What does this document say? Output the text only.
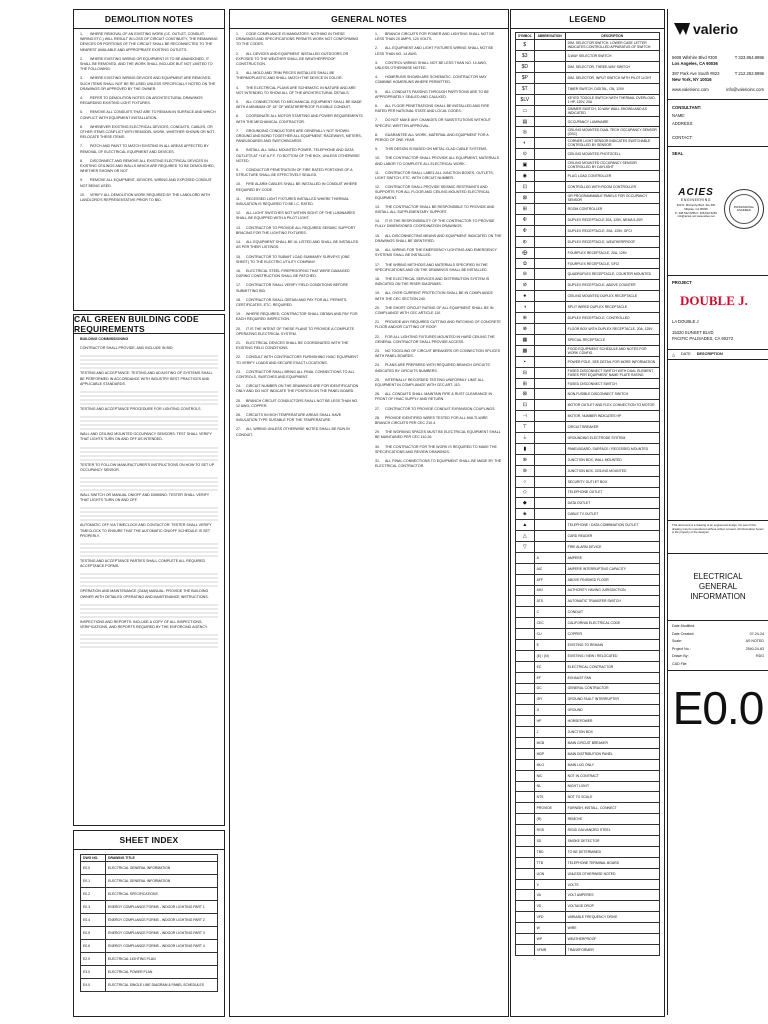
DEMOLITION NOTES

1. WHERE REMOVAL OF AN EXISTING WORK (I.E. OUTLET, CONDUIT, WIRING ETC.) WILL RESULT IN LOSS OF CIRCUIT CONTINUITY, THE REMAINING DEVICES OR PORTIONS OF THE CIRCUIT SHALL BE RECONNECTED TO THE NEAREST AVAILABLE AND APPROPRIATE EXISTING OUTLETS.

2. WHERE EXISTING WIRING OR EQUIPMENT IS TO BE ABANDONED, IT SHALL BE REMOVED, AND THE WORK SHALL INCLUDE BUT NOT LIMITED TO THE FOLLOWING:

3. WHERE EXISTING WIRING DEVICES AND EQUIPMENT ARE REMOVED, SUCH ITEMS SHALL NOT BE RE-USED UNLESS SPECIFICALLY NOTED ON THE DRAWINGS OR APPROVED BY THE OWNER.

4. REFER TO DEMOLITION NOTES ON ARCHITECTURAL DRAWINGS REGARDING EXISTING LIGHT FIXTURES.

5. REMOVE ALL CONDUITS THAT ARE TO REMAIN IN SURFACE AND WHICH CONFLICT WITH EQUIPMENT INSTALLATION.

6. WHENEVER EXISTING ELECTRICAL DEVICES, CONDUITS, CABLES, OR OTHER ITEMS CONFLICT WITH REMODEL WORK, WHETHER SHOWN OR NOT, RELOCATE THESE ITEMS.

7. PATCH AND PAINT TO MATCH EXISTING IN ALL AREAS AFFECTED BY REMOVAL OF ELECTRICAL EQUIPMENT AND DEVICES.

8. DISCONNECT AND REMOVE ALL EXISTING ELECTRICAL DEVICES IN EXISTING CEILINGS AND WALLS WHICH ARE REQUIRED TO BE DEMOLISHED, WHETHER SHOWN OR NOT.

9. REMOVE ALL EQUIPMENT, DEVICES, WIRING AND EXPOSED CONDUIT NOT BEING USED.

10. VERIFY ALL DEMOLITION WORK REQUIRED BY THE LANDLORD WITH LANDLORD'S REPRESENTATIVE PRIOR TO BID.

CAL GREEN BUILDING CODE REQUIREMENTS

BUILDING COMMISSIONING

CONTRACTOR SHALL PROVIDE, AND INCLUDE IN BID:

TESTING AND ACCEPTANCE: TESTING AND ADJUSTING OF SYSTEMS SHALL BE PERFORMED IN ACCORDANCE WITH INDUSTRY BEST PRACTICES AND APPLICABLE STANDARDS.

TESTING AND ACCEPTANCE PROCEDURE FOR LIGHTING CONTROLS

WALL AND CEILING MOUNTED OCCUPANCY SENSORS: TEST SHALL VERIFY THAT LIGHTS TURN ON AND OFF AS INTENDED.

TESTER TO FOLLOW MANUFACTURER'S INSTRUCTIONS ON HOW TO SET UP OCCUPANCY SENSOR.

WALL SWITCH OR MANUAL ON/OFF AND DIMMING: TESTER SHALL VERIFY THAT LIGHTS TURN ON AND OFF.

AUTOMATIC OFF VIA TIMECLOCK AND CONTACTOR: TESTER SHALL VERIFY TIMECLOCK TO ENSURE THAT THE AUTOMATIC ON/OFF SCHEDULE IS SET PROPERLY.

TESTING AND ACCEPTANCE PARTIES SHALL COMPLETE ALL REQUIRED ACCEPTANCE FORMS.

OPERATION AND MAINTENANCE (O&M) MANUAL: PROVIDE THE BUILDING OWNER WITH DETAILED OPERATING AND MAINTENANCE INSTRUCTIONS.

INSPECTIONS AND REPORTS: INCLUDE A COPY OF ALL INSPECTIONS, VERIFICATIONS, AND REPORTS REQUIRED BY THE ENFORCING AGENCY.

SHEET INDEX
DWG NO.	DRAWING TITLE
E0.0	ELECTRICAL GENERAL INFORMATION
E0.1	ELECTRICAL GENERAL INFORMATION
E0.2	ELECTRICAL SPECIFICATIONS
E0.3	ENERGY COMPLIANCE FORMS - INDOOR LIGHTING PART 1
E0.4	ENERGY COMPLIANCE FORMS - INDOOR LIGHTING PART 2
E0.5	ENERGY COMPLIANCE FORMS - INDOOR LIGHTING PART 3
E0.6	ENERGY COMPLIANCE FORMS - INDOOR LIGHTING PART 4
E2.0	ELECTRICAL LIGHTING PLAN
E3.0	ELECTRICAL POWER PLAN
E4.0	ELECTRICAL SINGLE LINE DIAGRAM & PANEL SCHEDULES
GENERAL NOTES

1. CODE COMPLIANCE IS MANDATORY. NOTHING IN THESE DRAWINGS AND SPECIFICATIONS PERMITS WORK NOT CONFORMING TO THE CODES.

2. ALL DEVICES AND EQUIPMENT INSTALLED OUTDOORS OR EXPOSED TO THE WEATHER SHALL BE WEATHERPROOF CONSTRUCTION.

3. ALL MOLD AND TRIM PIECES INSTALLED SHALL BE THERMOPLASTIC AND SHALL MATCH THE DEVICE IN COLOR.

4. THE ELECTRICAL PLANS ARE SCHEMATIC IN NATURE AND ARE NOT INTENDED TO SHOW ALL OF THE ARCHITECTURAL DETAILS.

5. ALL CONNECTIONS TO MECHANICAL EQUIPMENT SHALL BE MADE WITH A MINIMUM OF 18" OF WEATHERPROOF FLEXIBLE CONDUIT.

6. COORDINATE ALL MOTOR STARTING AND POWER REQUIREMENTS WITH THE MECHANICAL CONTRACTOR.

7. GROUNDING CONDUCTORS ARE GENERALLY NOT SHOWN. GROUND AND BOND TOGETHER ALL EQUIPMENT, RACEWAYS, METERS, PANELBOARDS AND SWITCHBOARDS.

8. INSTALL ALL WALL MOUNTED POWER, TELEPHONE AND DATA OUTLETS AT +18" A.F.F. TO BOTTOM OF THE BOX, UNLESS OTHERWISE NOTED.

9. CONDUCTOR PENETRATION OF FIRE RATED PORTIONS OF A STRUCTURE SHALL BE EFFECTIVELY SEALED.

10. FIRE ALARM CABLES SHALL BE INSTALLED IN CONDUIT WHERE REQUIRED BY CODE.

11. RECESSED LIGHT FIXTURES INSTALLED WHERE THERMAL INSULATION IS REQUIRED TO BE I.C. RATED.

12. ALL LIGHT SWITCHES NOT WITHIN SIGHT OF THE LUMINAIRES SHALL BE EQUIPPED WITH A PILOT LIGHT.

13. CONTRACTOR TO PROVIDE ALL REQUIRED SEISMIC SUPPORT BRACING FOR THE LIGHTING FIXTURES.

14. ALL EQUIPMENT SHALL BE UL LISTED AND SHALL BE INSTALLED AS PER THEIR LISTINGS.

15. CONTRACTOR TO SUBMIT LOAD SUMMARY SURVEYS (ONE SHEET) TO THE ELECTRIC UTILITY COMPANY.

16. ELECTRICAL STEEL FIREPROOFING THAT WERE DAMAGED DURING CONSTRUCTION SHALL BE PATCHED.

17. CONTRACTOR SHALL VERIFY FIELD CONDITIONS BEFORE SUBMITTING BID.

18. CONTRACTOR SHALL OBTAIN AND PAY FOR ALL PERMITS, CERTIFICATES, ETC. REQUIRED.

19. WHERE REQUIRED, CONTRACTOR SHALL OBTAIN AND PAY FOR EACH REQUIRED INSPECTION.

20. IT IS THE INTENT OF THESE PLANS TO PROVIDE A COMPLETE OPERATING ELECTRICAL SYSTEM.

21. ELECTRICAL DEVICES SHALL BE COORDINATED WITH THE EXISTING FIELD CONDITIONS.

22. CONSULT WITH CONTRACTORS FURNISHING HVAC EQUIPMENT TO VERIFY LOADS AND SECURE EXACT LOCATIONS.

23. CONTRACTOR SHALL BRING ALL FINAL CONNECTIONS TO ALL CONTROLS, SWITCHES AND EQUIPMENT.

24. CIRCUIT NUMBER ON THE DRAWINGS ARE FOR IDENTIFICATION ONLY AND DO NOT INDICATE THE POSITION ON THE PANEL BOARD.

25. BRANCH CIRCUIT CONDUCTORS SHALL NOT BE LESS THAN NO. 12 AWG, COPPER.

26. CIRCUITS IN HIGH TEMPERATURE AREAS SHALL HAVE INSULATION TYPE SUITABLE FOR THE TEMPERATURE.

27. ALL WIRING UNLESS OTHERWISE NOTED SHALL BE RUN IN CONDUIT.

1. BRANCH CIRCUITS FOR POWER AND LIGHTING SHALL NOT BE LESS THAN 20 AMPS, 120 VOLTS.

2. ALL EQUIPMENT AND LIGHT FIXTURES WIRING SHALL NOT BE LESS THAN NO. 14 AWG.

3. CONTROL WIRING SHALL NOT BE LESS THAN NO. 14 AWG, UNLESS OTHERWISE NOTED.

4. HOMERUNS SHOWN ARE SCHEMATIC. CONTRACTOR MAY COMBINE HOMERUNS WHERE PERMITTED.

5. ALL CONDUITS PASSING THROUGH PARTITIONS ARE TO BE APPROPRIATELY SEALED AND CAULKED.

6. ALL FLOOR PENETRATIONS SHALL BE INSTALLED AND FIRE RATED PER NATIONAL STATE AND LOCAL CODES.

7. DO NOT MAKE ANY CHANGES OR SUBSTITUTIONS WITHOUT SPECIFIC WRITTEN APPROVAL.

8. GUARANTEE ALL WORK, MATERIAL AND EQUIPMENT FOR A PERIOD OF ONE YEAR.

9. THIS DESIGN IS BASED ON METAL-CLAD CABLE SYSTEMS.

10. THE CONTRACTOR SHALL PROVIDE ALL EQUIPMENT, MATERIALS AND LABOR TO COMPLETE ALL ELECTRICAL WORK.

11. CONTRACTOR SHALL LABEL ALL JUNCTION BOXES, OUTLETS, LIGHT SWITCH, ETC. WITH CIRCUIT NUMBER.

12. CONTRACTOR SHALL PROVIDE SEISMIC RESTRAINTS AND SUPPORTS FOR ALL FLOOR AND CEILING MOUNTED ELECTRICAL EQUIPMENT.

13. THE CONTRACTOR SHALL BE RESPONSIBLE TO PROVIDE AND INSTALL ALL SUPPLEMENTARY SUPPORT.

14. IT IS THE RESPONSIBILITY OF THE CONTRACTOR TO PROVIDE FULLY DIMENSIONED COORDINATION DRAWINGS.

15. ALL DISCONNECTING MEANS AND EQUIPMENT INDICATED ON THE DRAWINGS SHALL BE IDENTIFIED.

16. ALL WIRING FOR THE EMERGENCY LIGHTING AND EMERGENCY SYSTEMS SHALL BE INSTALLED.

17. THE WIRING METHODS AND MATERIALS SPECIFIED IN THE SPECIFICATIONS AND ON THE DRAWINGS SHALL BE INSTALLED.

18. THE ELECTRICAL SERVICES AND DISTRIBUTION SYSTEM IS INDICATED ON THE RISER DIAGRAMS.

19. ALL OVER CURRENT PROTECTION SHALL BE IN COMPLIANCE WITH THE CEC SECTION 240.

20. THE SHORT CIRCUIT RATING OF ALL EQUIPMENT SHALL BE IN COMPLIANCE WITH CEC ARTICLE 110.

21. PROVIDE ANY REQUIRED CUTTING AND PATCHING OF CONCRETE FLOOR AND/OR CUTTING OF ROOF.

22. FOR ALL LIGHTING FIXTURES MOUNTED IN HARD CEILING THE GENERAL CONTRACTOR SHALL PROVIDE ACCESS.

23. NO TOGGLING OF CIRCUIT BREAKERS OR CONNECTION SPLICES WITH PANEL BOARDS.

24. PLANS ARE PREPARED WITH REQUIRED BRANCH CIRCUITS INDICATED BY CIRCUITS NUMBERS.

25. INTERNALLY RECORDED TESTING UNIFORMLY LIMIT ALL EQUIPMENT IN COMPLIANCE WITH CEC ART. 110.

26. ALL CONDUITS SHALL MAINTAIN FIRE & RUST CLEARANCE IN FRONT OF HVAC SUPPLY AND RETURN.

27. CONTRACTOR TO PROVIDE CONDUIT EXPANSION COUPLINGS.

28. PROVIDE IDENTIFIED WIRES TESTED FOR ALL MULTI-WIRE BRANCH CIRCUITS PER CEC 210.4.

29. THE WORKING SPACES MUST BE ELECTRICAL EQUIPMENT SHALL BE MAINTAINED PER CEC 110.26.

30. THE CONTRACTOR FOR THE WORK IS REQUIRED TO MAKE THE SPECIFICATIONS AND REVIEW DRAWINGS.

31. ALL FINAL CONNECTIONS TO EQUIPMENT SHALL BE MADE BY THE ELECTRICAL CONTRACTOR.

LEGEND
SYMBOL	ABBREVIATION	DESCRIPTION
$		DIM. SELECTOR SWITCH. LOWER CASE LETTER INDICATES CONTROLLED APPARATUS OF SWITCH.
$3		3-WAY SELECTOR SWITCH
$D		DIM. SELECTOR, THREE-WAY SWITCH
$P		DIM. SELECTOR, INPUT SWITCH WITH PILOT LIGHT
$T		TIMER SWITCH, DIGITAL, ON, 120V
$LV		KEYED TOGGLE SWITCH WITH THERMAL OVERLOAD, 1 HP, 120V, 20A
▭		DIMMER SWITCH, 10-WAY WALL SHOWN AND AS INDICATED
▤		OCCUPANCY LUMINAIRE
◎		CEILING MOUNTED DUAL TECH OCCUPANCY SENSOR (OSC)
◐		CORNER LIGHT SENSOR INDICATES SWITCHABLE CONTROLLED BY SENSOR
⊙		CEILING MOUNTED PHOTOCELL
▣		CEILING MOUNTED OCCUPANCY SENSOR CONTROLLED BY DAYLIGHT
◉		PLUG LOAD CONTROLLER
⊡		CONTROLLED WITH ROOM CONTROLLER
⊠		OR PROGRAMMABLE PANELS FOR OCCUPANCY SENSOR
⊞		ROOM CONTROLLER
Ф		DUPLEX RECEPTACLE 20A, 125V, NEMA 5-20R
Ф		DUPLEX RECEPTACLE, 20A, 125V, GFCI
⦶		DUPLEX RECEPTACLE, WEATHERPROOF
⨁		FOURPLEX RECEPTACLE, 20A, 125V
⦷		FOURPLEX RECEPTACLE, GFCI
⊖		QUADRUPLEX RECEPTACLE, COUNTER MOUNTED
⊘		DUPLEX RECEPTACLE, ABOVE COUNTER
●		CEILING MOUNTED DUPLEX RECEPTACLE
◑		SPLIT WIRED DUPLEX RECEPTACLE
⊕		DUPLEX RECEPTACLE, CONTROLLED
⊗		FLOOR BOX WITH DUPLEX RECEPTACLE, 20A, 125V
▦		SPECIAL RECEPTACLE
▩		FOOD EQUIPMENT SCHEDULE AND NOTES FOR WORK CONFIG.
▪		POWER POLE, SEE DETAIL FOR MORE INFORMATION
⊟		FUSED DISCONNECT SWITCH WITH DUAL ELEMENT FUSES PER EQUIPMENT NAME PLATE RATING
⊞		FUSED DISCONNECT SWITCH
⊠		NON-FUSIBLE DISCONNECT SWITCH
⊡		MOTOR OUTLET AND FLEX CONNECTION TO MOTOR
⊣		MOTOR, NUMBER INDICATES HP
⊤		CIRCUIT BREAKER
⏚		GROUNDING ELECTRODE SYSTEM
▮		PANELBOARD, SURFACE / RECESSED MOUNTED
⊛		JUNCTION BOX, WALL MOUNTED
⊚		JUNCTION BOX, CEILING MOUNTED
○		SECURITY OUTLET BOX
◇		TELEPHONE OUTLET
◆		DATA OUTLET
◈		CABLE TV OUTLET
▲		TELEPHONE / DATA COMBINATION OUTLET
△		CARD READER
▽		FIRE ALARM DEVICE
	A	AMPERE
	AIC	AMPERE INTERRUPTING CAPACITY
	AFF	ABOVE FINISHED FLOOR
	AHJ	AUTHORITY HAVING JURISDICTION
	ATS	AUTOMATIC TRANSFER SWITCH
	C	CONDUIT
	CEC	CALIFORNIA ELECTRICAL CODE
	CU	COPPER
	E	EXISTING TO REMAIN
	(E) / (N)	EXISTING / NEW / RELOCATED
	EC	ELECTRICAL CONTRACTOR
	EF	EXHAUST FAN
	GC	GENERAL CONTRACTOR
	GFI	GROUND FAULT INTERRUPTER
	G	GROUND
	HP	HORSEPOWER
	J	JUNCTION BOX
	MCB	MAIN CIRCUIT BREAKER
	MDP	MAIN DISTRIBUTION PANEL
	MLO	MAIN LUG ONLY
	NIC	NOT IN CONTRACT
	NL	NIGHT LIGHT
	NTS	NOT TO SCALE
	PROVIDE	FURNISH, INSTALL, CONNECT
	(R)	REMOVE
	RGS	RIGID GALVANIZED STEEL
	SD	SMOKE DETECTOR
	TBD	TO BE DETERMINED
	TTB	TELEPHONE TERMINAL BOARD
	UON	UNLESS OTHERWISE NOTED
	V	VOLTS
	VA	VOLT AMPERES
	VD	VOLTAGE DROP
	VFD	VARIABLE FREQUENCY DRIVE
	W	WIRE
	WP	WEATHERPROOF
	XFMR	TRANSFORMER
valerio
5608 Wilshire Blvd #300	T 323.954.8996
Los Angeles, CA 90036
387 Park Ave South #823	T 212.252.8996
New York, NY 10016
www.valerioinc.com	info@valerioinc.com
CONSULTANT:
NAME:
ADDRESS:
CONTACT:
SEAL
ACIES
ENGINEERING
400 N. McCarthy Blvd. Ste 300
Milpitas, CA 95035
P: 408.522.5255 F: 408.522.5260
info@acies.net www.acies.net
PROFESSIONAL ENGINEER
PROJECT
DOUBLE J.
LA DOUBLE J
15320 SUNSET BLVD
PACIFIC PALISADES, CA 90272
△ DATE DESCRIPTION
This document is a drawing of an engineered design. No part of this drawing may be reproduced without written consent. All information herein is the property of the designer.
ELECTRICAL
GENERAL
INFORMATION
Date Modified:
Date Created:	07-24-24
Scale:	AS NOTED
Project No.:	2540-24-63
Drawn By:	RDG
CAD File:
E0.0
